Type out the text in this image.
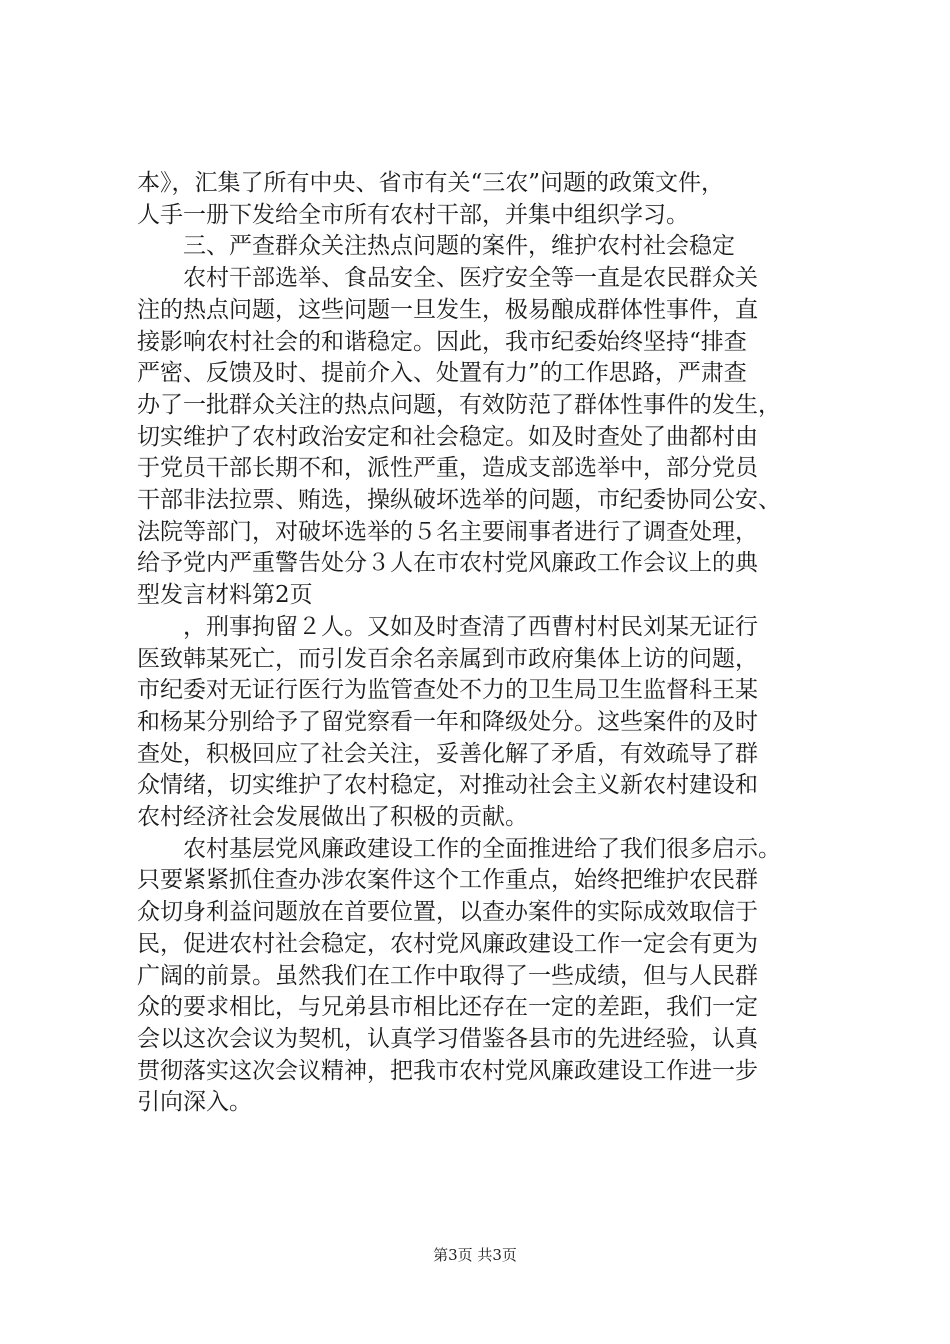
本》，汇集了所有中央、省市有关“三农”问题的政策文件，
人手一册下发给全市所有农村干部，并集中组织学习。

三、严查群众关注热点问题的案件，维护农村社会稳定

农村干部选举、食品安全、医疗安全等一直是农民群众关
注的热点问题，这些问题一旦发生，极易酿成群体性事件，直
接影响农村社会的和谐稳定。因此，我市纪委始终坚持“排查
严密、反馈及时、提前介入、处置有力”的工作思路，严肃查
办了一批群众关注的热点问题，有效防范了群体性事件的发生，
切实维护了农村政治安定和社会稳定。如及时查处了曲都村由
于党员干部长期不和，派性严重，造成支部选举中，部分党员
干部非法拉票、贿选，操纵破坏选举的问题，市纪委协同公安、
法院等部门，对破坏选举的５名主要闹事者进行了调查处理，
给予党内严重警告处分３人在市农村党风廉政工作会议上的典
型发言材料第2页

，刑事拘留２人。又如及时查清了西曹村村民刘某无证行
医致韩某死亡，而引发百余名亲属到市政府集体上访的问题，
市纪委对无证行医行为监管查处不力的卫生局卫生监督科王某
和杨某分别给予了留党察看一年和降级处分。这些案件的及时
查处，积极回应了社会关注，妥善化解了矛盾，有效疏导了群
众情绪，切实维护了农村稳定，对推动社会主义新农村建设和
农村经济社会发展做出了积极的贡献。

农村基层党风廉政建设工作的全面推进给了我们很多启示。
只要紧紧抓住查办涉农案件这个工作重点，始终把维护农民群
众切身利益问题放在首要位置，以查办案件的实际成效取信于
民，促进农村社会稳定，农村党风廉政建设工作一定会有更为
广阔的前景。虽然我们在工作中取得了一些成绩，但与人民群
众的要求相比，与兄弟县市相比还存在一定的差距，我们一定
会以这次会议为契机，认真学习借鉴各县市的先进经验，认真
贯彻落实这次会议精神，把我市农村党风廉政建设工作进一步
引向深入。

第3页 共3页
